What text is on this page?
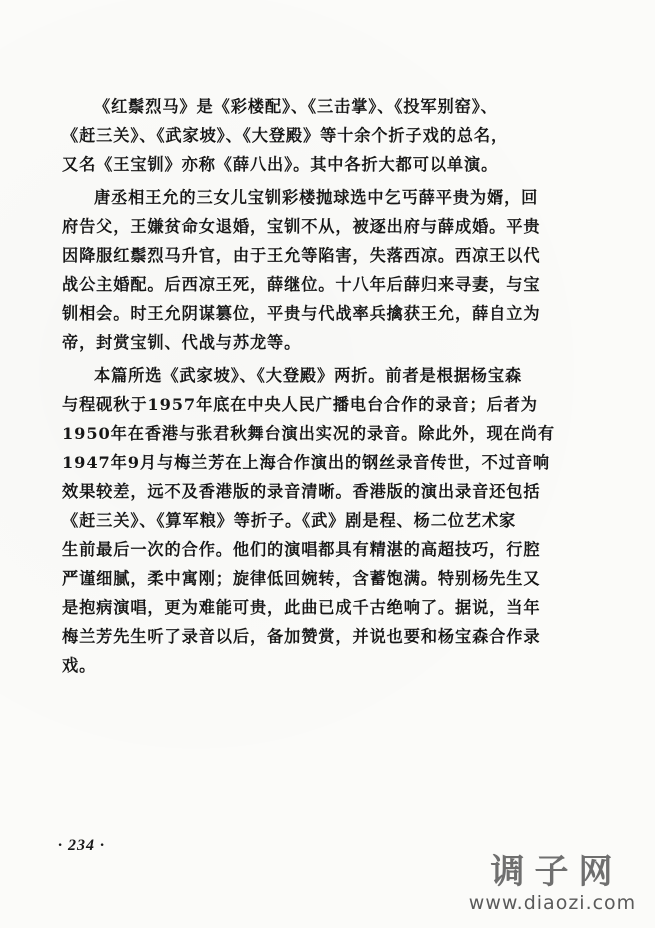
《红鬃烈马》是《彩楼配》、《三击掌》、《投军别窑》、
《赶三关》、《武家坡》、《大登殿》等十余个折子戏的总名，
又名《王宝钏》亦称《薛八出》。其中各折大都可以单演。
唐丞相王允的三女儿宝钏彩楼抛球选中乞丐薛平贵为婿，回
府告父，王嫌贫命女退婚，宝钏不从，被逐出府与薛成婚。平贵
因降服红鬃烈马升官，由于王允等陷害，失落西凉。西凉王以代
战公主婚配。后西凉王死，薛继位。十八年后薛归来寻妻，与宝
钏相会。时王允阴谋篡位，平贵与代战率兵擒获王允，薛自立为
帝，封赏宝钏、代战与苏龙等。
本篇所选《武家坡》、《大登殿》两折。前者是根据杨宝森
与程砚秋于1957年底在中央人民广播电台合作的录音；后者为
1950年在香港与张君秋舞台演出实况的录音。除此外，现在尚有
1947年9月与梅兰芳在上海合作演出的钢丝录音传世，不过音响
效果较差，远不及香港版的录音清晰。香港版的演出录音还包括
《赶三关》、《算军粮》等折子。《武》剧是程、杨二位艺术家
生前最后一次的合作。他们的演唱都具有精湛的高超技巧，行腔
严谨细腻，柔中寓刚；旋律低回婉转，含蓄饱满。特别杨先生又
是抱病演唱，更为难能可贵，此曲已成千古绝响了。据说，当年
梅兰芳先生听了录音以后，备加赞赏，并说也要和杨宝森合作录
戏。
· 234 ·
调子网
www.diaozi.com
